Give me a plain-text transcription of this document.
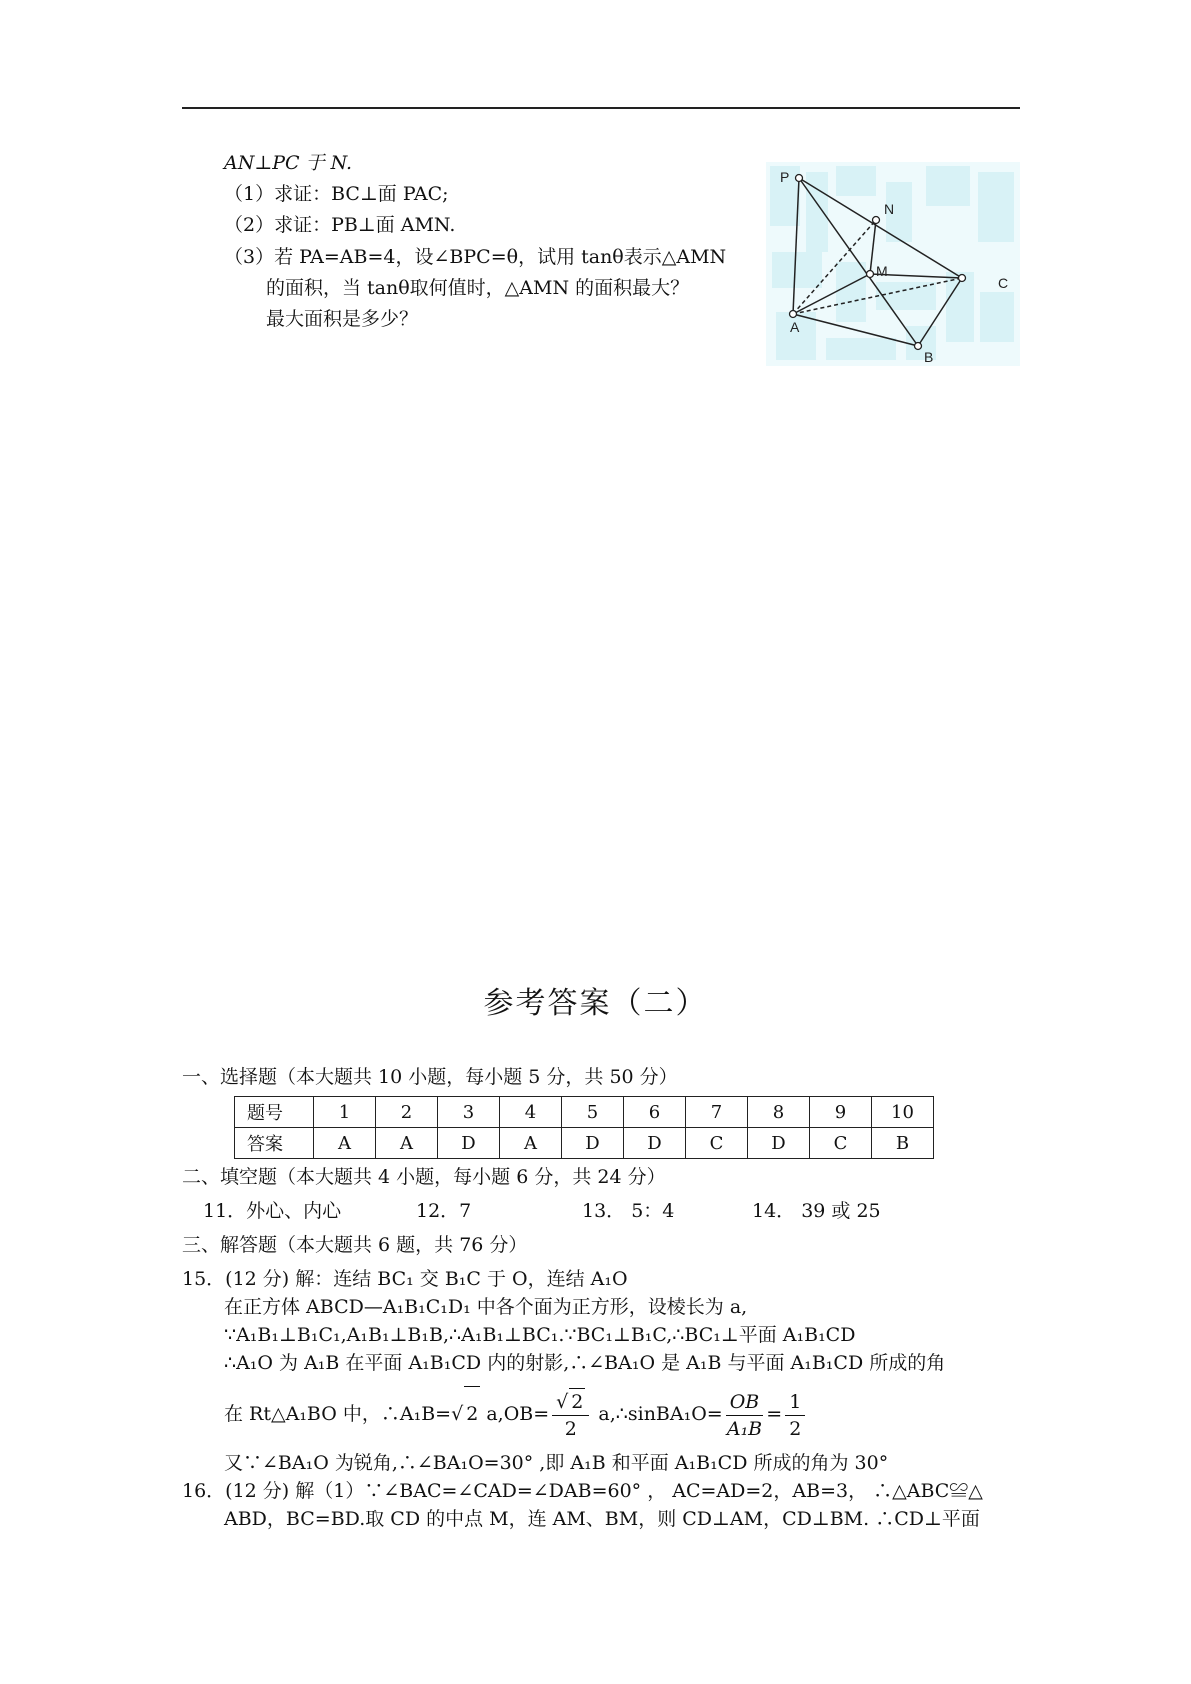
AN⊥PC 于 N.
（1）求证：BC⊥面 PAC;
（2）求证：PB⊥面 AMN.
（3）若 PA=AB=4，设∠BPC=θ，试用 tanθ表示△AMN
的面积，当 tanθ取何值时，△AMN 的面积最大？
最大面积是多少？
P
N
M
C
A
B
参考答案（二）
一、选择题（本大题共 10 小题，每小题 5 分，共 50 分）
题号	1	2	3	4	5	6	7	8	9	10
答案	A	A	D	A	D	D	C	D	C	B
二、填空题（本大题共 4 小题，每小题 6 分，共 24 分）
11．外心、内心	12．7	13． 5：4	14． 39 或 25
三、解答题（本大题共 6 题，共 76 分）
15．(12 分) 解：连结 BC₁ 交 B₁C 于 O，连结 A₁O
在正方体 ABCD—A₁B₁C₁D₁ 中各个面为正方形，设棱长为 a,
∵A₁B₁⊥B₁C₁,A₁B₁⊥B₁B,∴A₁B₁⊥BC₁.∵BC₁⊥B₁C,∴BC₁⊥平面 A₁B₁CD
∴A₁O 为 A₁B 在平面 A₁B₁CD 内的射影,∴∠BA₁O 是 A₁B 与平面 A₁B₁CD 所成的角
在 Rt△A₁BO 中，∴A₁B=√ 2 $a,OB= \frac{√ 2}{2}$ a,∴sinBA₁O= $\frac{OB}{\text{A₁B}} = \frac{1}{2}$
又∵∠BA₁O 为锐角,∴∠BA₁O=30° ,即 A₁B 和平面 A₁B₁CD 所成的角为 30°
16．(12 分) 解（1）∵∠BAC=∠CAD=∠DAB=60° ， AC=AD=2，AB=3， ∴△ABC≌△
ABD，BC=BD.取 CD 的中点 M，连 AM、BM，则 CD⊥AM，CD⊥BM. ∴CD⊥平面
